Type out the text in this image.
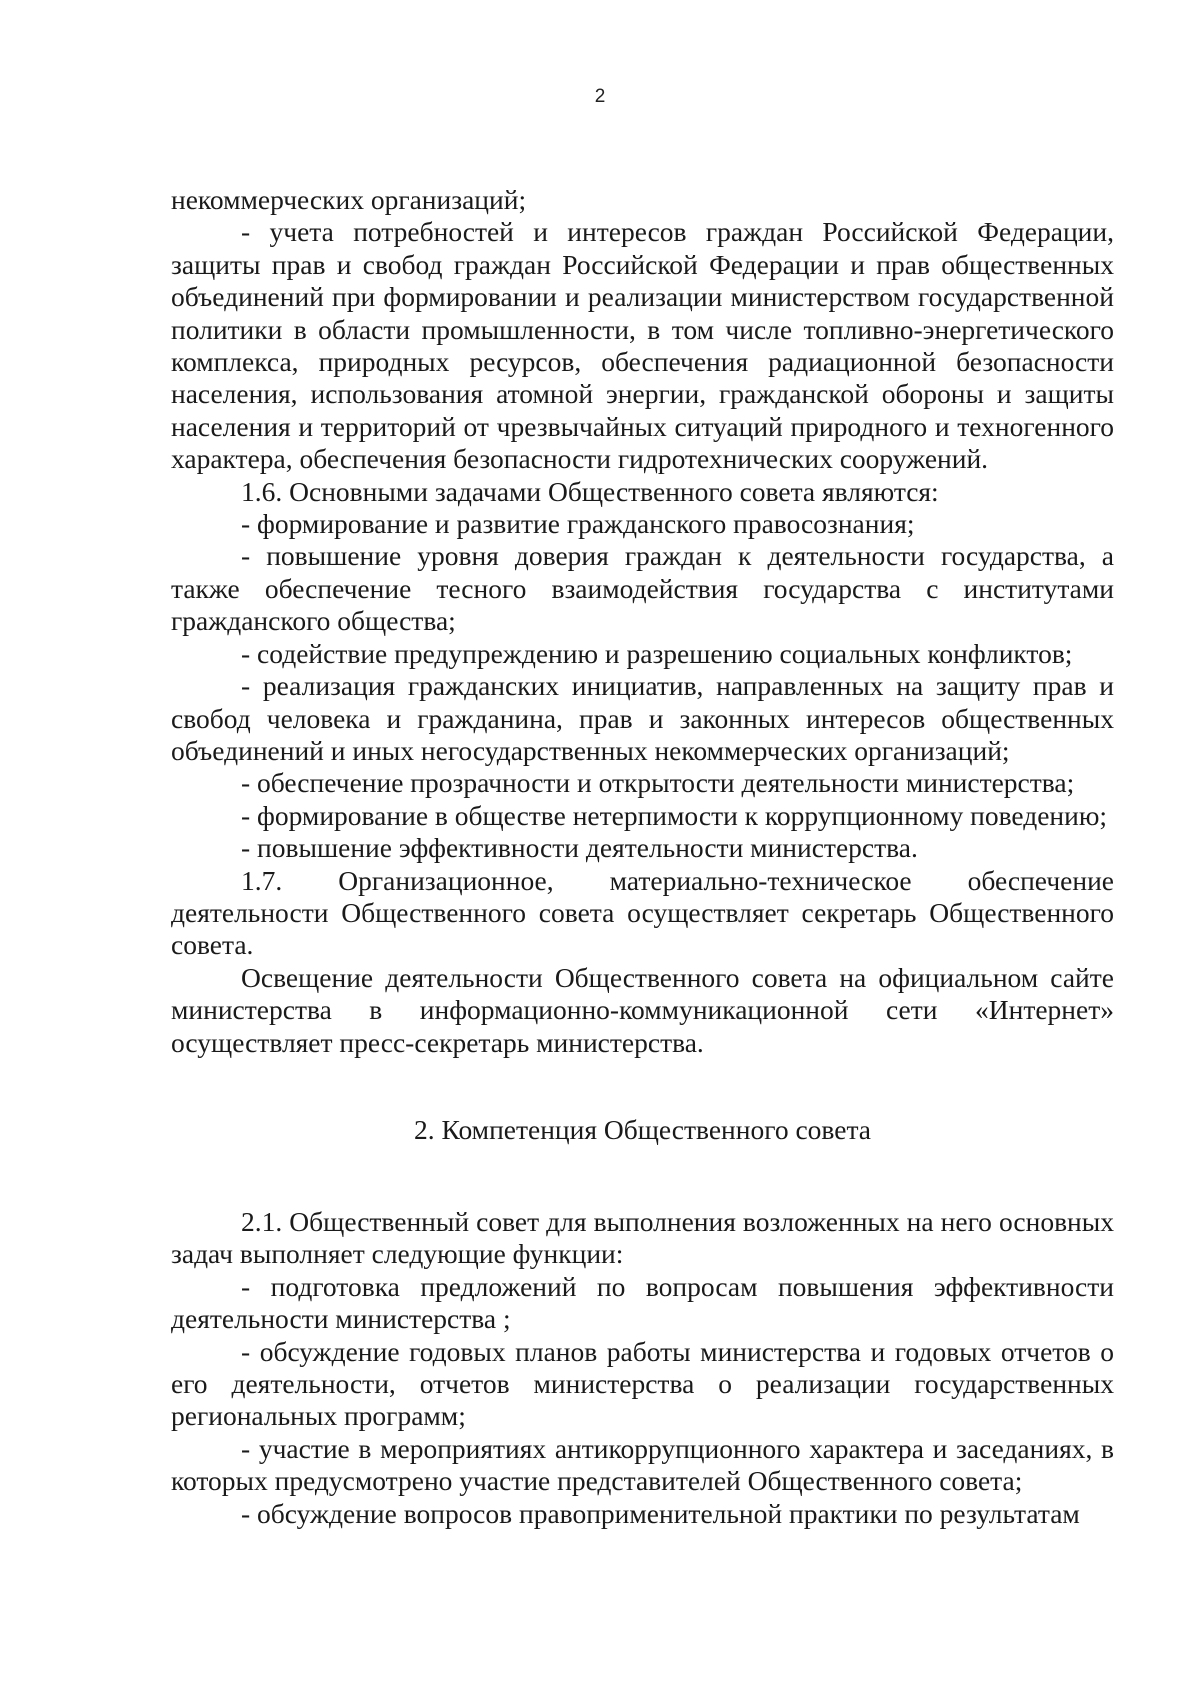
2

некоммерческих организаций;

- учета потребностей и интересов граждан Российской Федерации, защиты прав и свобод граждан Российской Федерации и прав общественных объединений при формировании и реализации министерством государственной политики в области промышленности, в том числе топливно-энергетического комплекса, природных ресурсов, обеспечения радиационной безопасности населения, использования атомной энергии, гражданской обороны и защиты населения и территорий от чрезвычайных ситуаций природного и техногенного характера, обеспечения безопасности гидротехнических сооружений.

1.6. Основными задачами Общественного совета являются:

- формирование и развитие гражданского правосознания;

- повышение уровня доверия граждан к деятельности государства, а также обеспечение тесного взаимодействия государства с институтами гражданского общества;

- содействие предупреждению и разрешению социальных конфликтов;

- реализация гражданских инициатив, направленных на защиту прав и свобод человека и гражданина, прав и законных интересов общественных объединений и иных негосударственных некоммерческих организаций;

- обеспечение прозрачности и открытости деятельности министерства;

- формирование в обществе нетерпимости к коррупционному поведению;

- повышение эффективности деятельности министерства.

1.7. Организационное, материально-техническое обеспечение деятельности Общественного совета осуществляет секретарь Общественного совета.

Освещение деятельности Общественного совета на официальном сайте министерства в информационно-коммуникационной сети «Интернет» осуществляет пресс-секретарь министерства.

2. Компетенция Общественного совета

2.1. Общественный совет для выполнения возложенных на него основных задач выполняет следующие функции:

- подготовка предложений по вопросам повышения эффективности деятельности министерства ;

- обсуждение годовых планов работы министерства и годовых отчетов о его деятельности, отчетов министерства о реализации государственных региональных программ;

- участие в мероприятиях антикоррупционного характера и заседаниях, в которых предусмотрено участие представителей Общественного совета;

- обсуждение вопросов правоприменительной практики по результатам
